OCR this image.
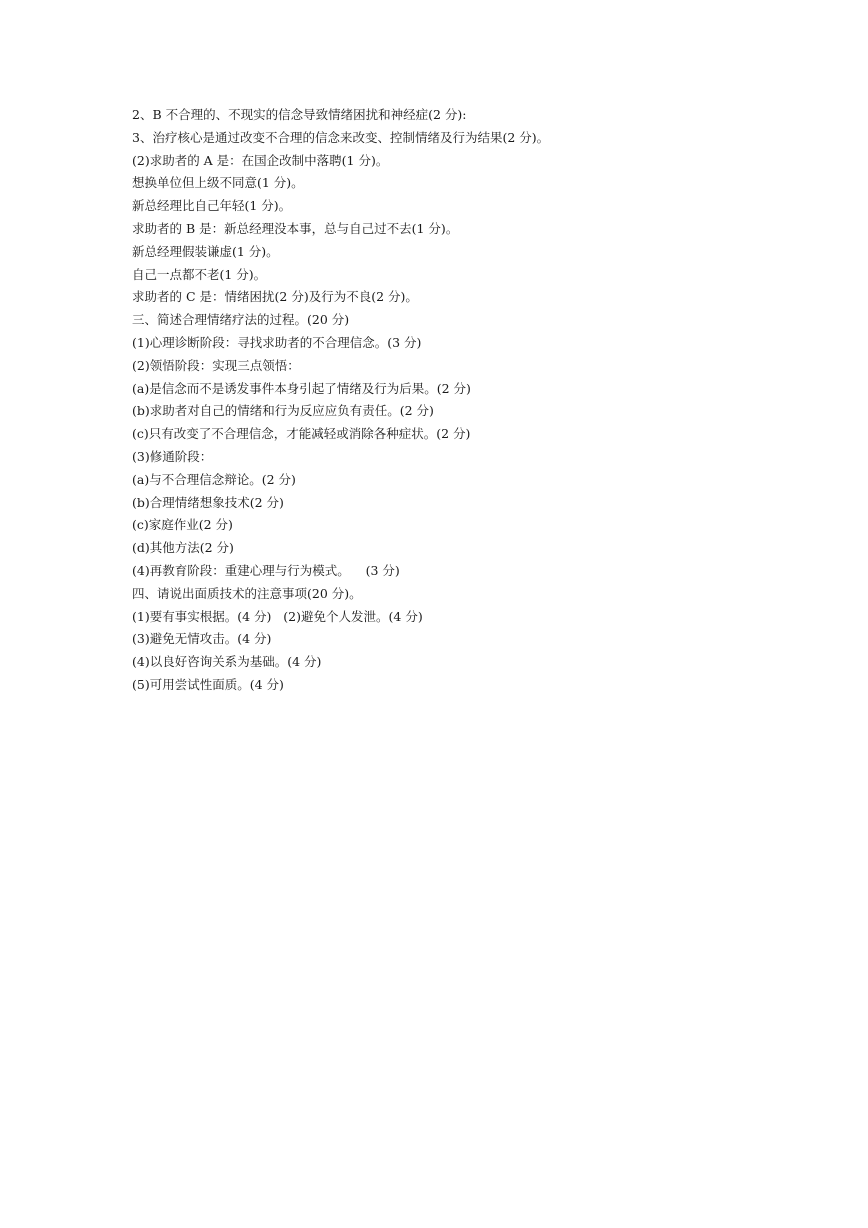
2、B 不合理的、不现实的信念导致情绪困扰和神经症(2 分):

3、治疗核心是通过改变不合理的信念来改变、控制情绪及行为结果(2 分)。

(2)求助者的 A 是：在国企改制中落聘(1 分)。

想换单位但上级不同意(1 分)。

新总经理比自己年轻(1 分)。

求助者的 B 是：新总经理没本事，总与自己过不去(1 分)。

新总经理假装谦虚(1 分)。

自己一点都不老(1 分)。

求助者的 C 是：情绪困扰(2 分)及行为不良(2 分)。

三、简述合理情绪疗法的过程。(20 分)

(1)心理诊断阶段：寻找求助者的不合理信念。(3 分)

(2)领悟阶段：实现三点领悟：

(a)是信念而不是诱发事件本身引起了情绪及行为后果。(2 分)

(b)求助者对自己的情绪和行为反应应负有责任。(2 分)

(c)只有改变了不合理信念，才能减轻或消除各种症状。(2 分)

(3)修通阶段：

(a)与不合理信念辩论。(2 分)

(b)合理情绪想象技术(2 分)

(c)家庭作业(2 分)

(d)其他方法(2 分)

(4)再教育阶段：重建心理与行为模式。    (3 分)

四、请说出面质技术的注意事项(20 分)。

(1)要有事实根据。(4 分)   (2)避免个人发泄。(4 分)

(3)避免无情攻击。(4 分)

(4)以良好咨询关系为基础。(4 分)

(5)可用尝试性面质。(4 分)
